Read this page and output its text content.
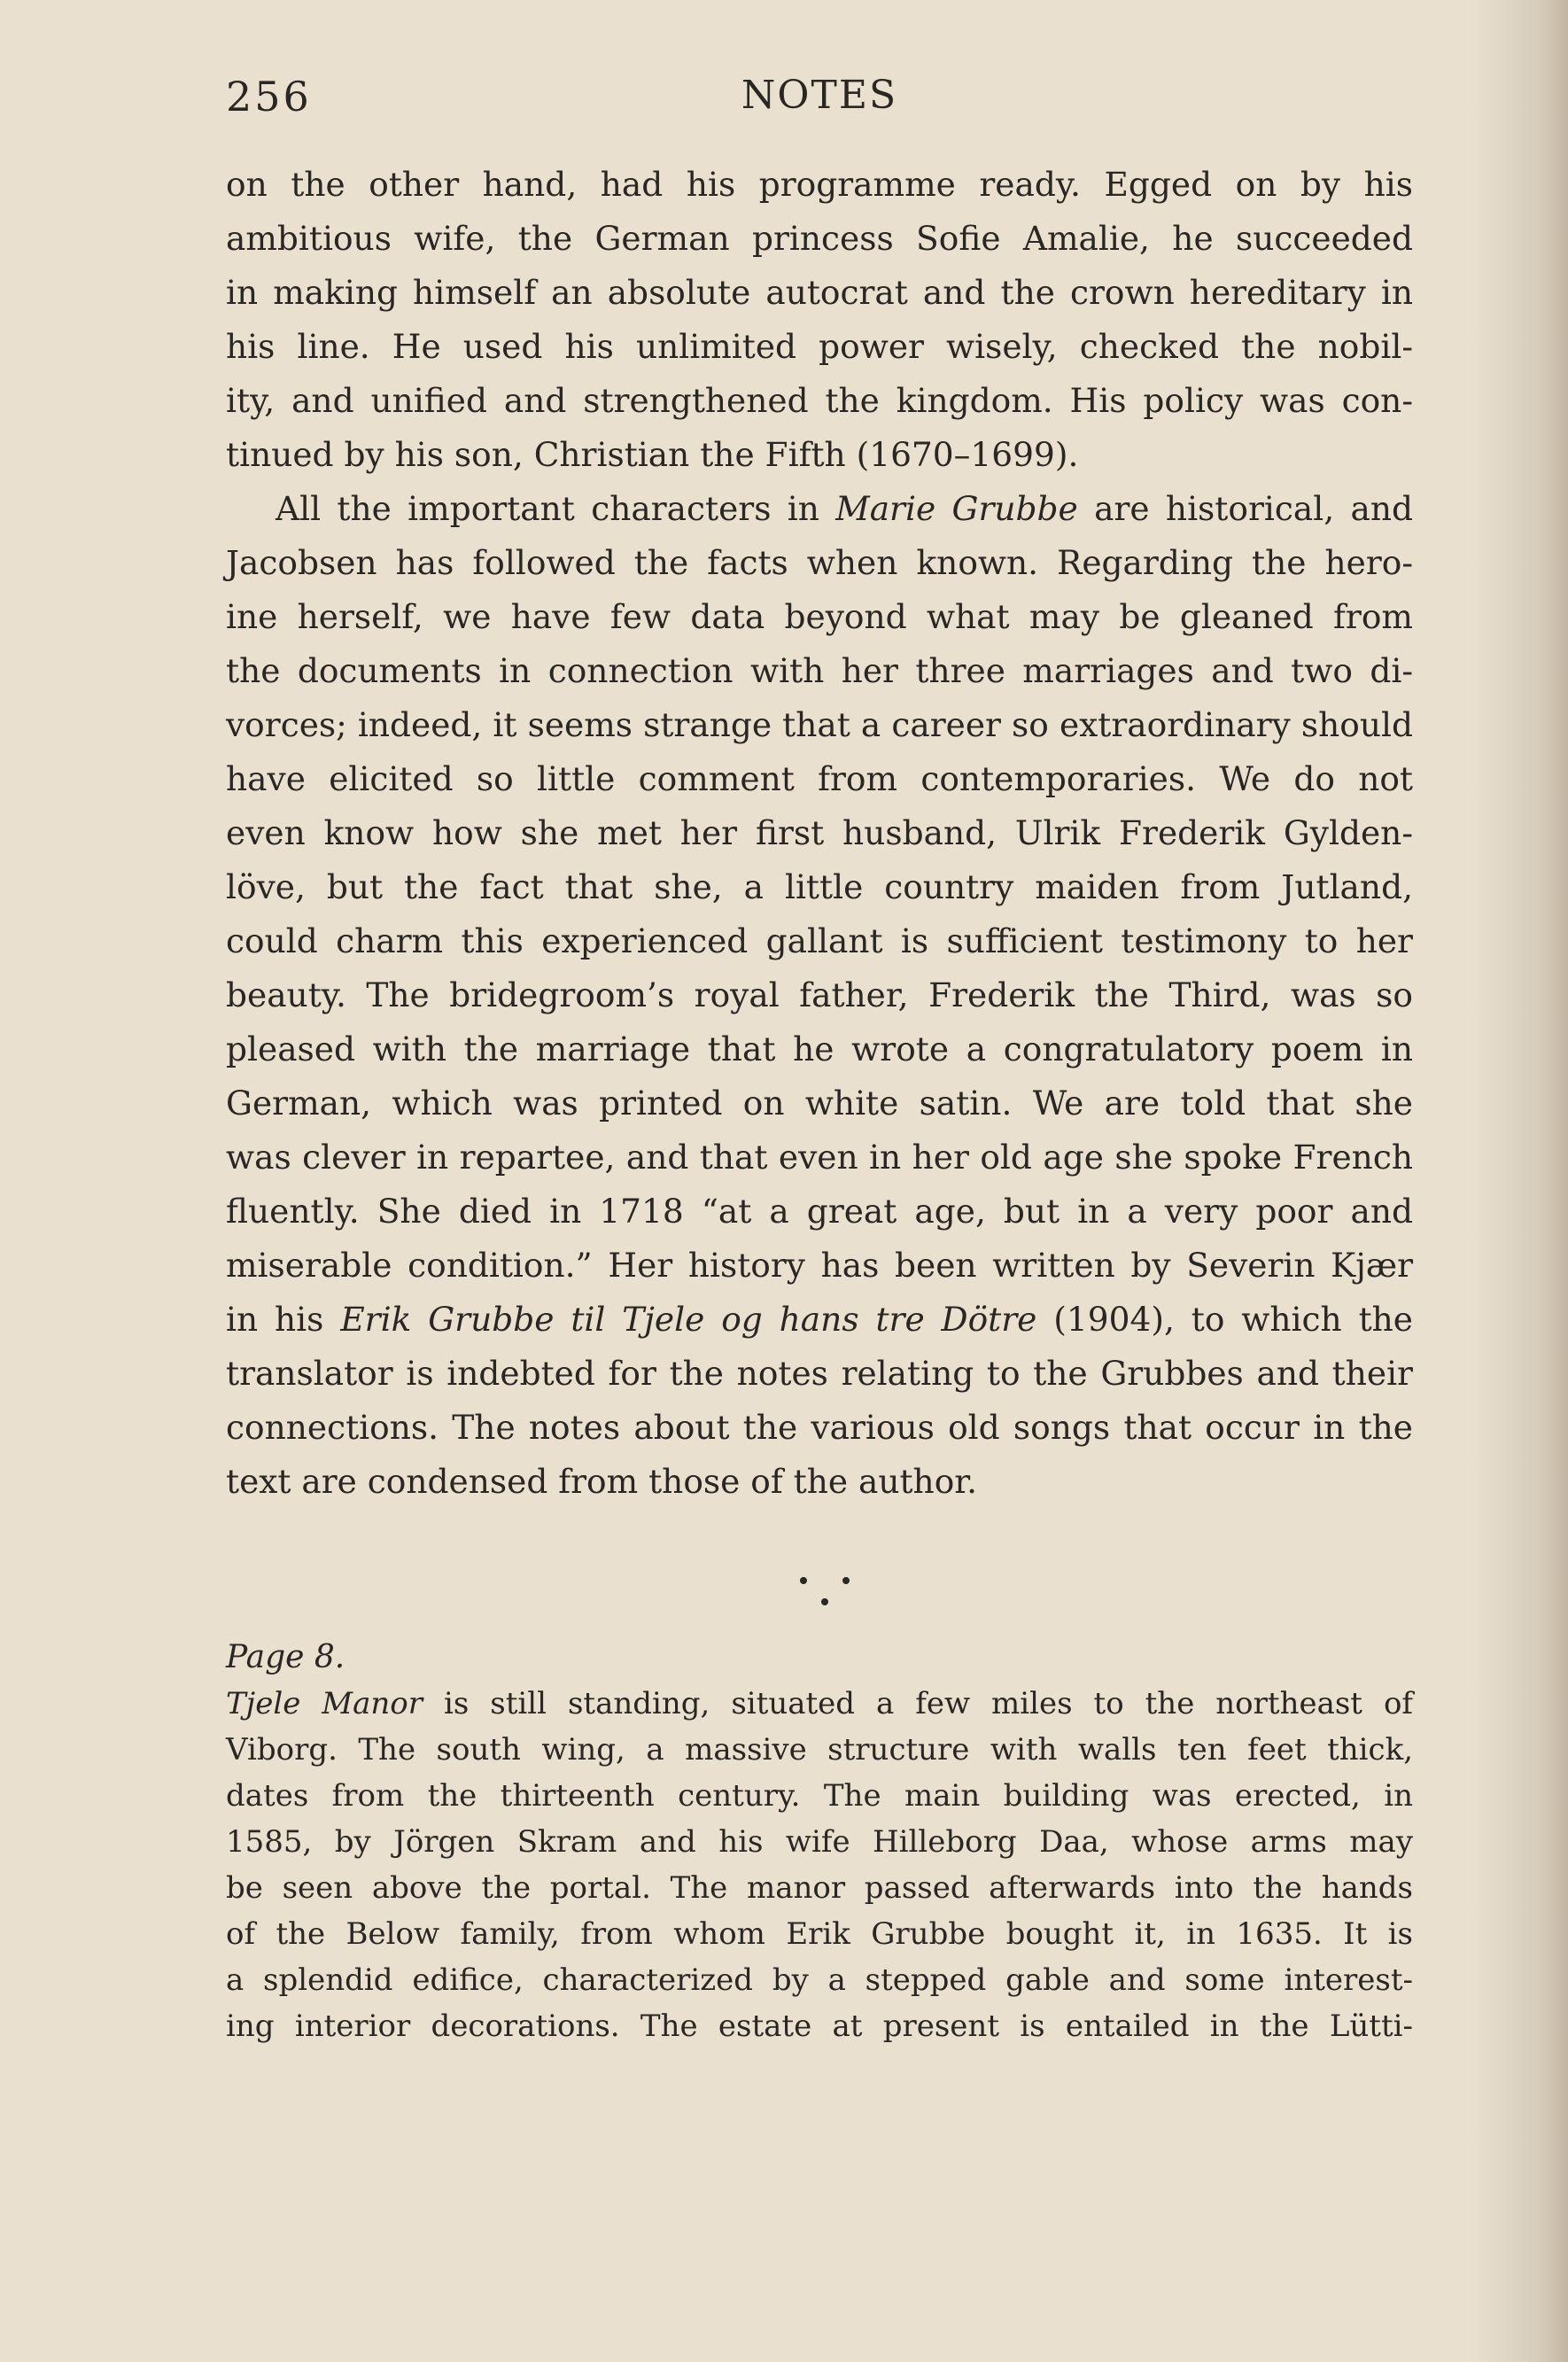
256	NOTES
on the other hand, had his programme ready. Egged on by his
ambitious wife, the German princess Sofie Amalie, he succeeded
in making himself an absolute autocrat and the crown hereditary in
his line. He used his unlimited power wisely, checked the nobil-
ity, and unified and strengthened the kingdom. His policy was con-
tinued by his son, Christian the Fifth (1670–1699).
All the important characters in Marie Grubbe are historical, and
Jacobsen has followed the facts when known. Regarding the hero-
ine herself, we have few data beyond what may be gleaned from
the documents in connection with her three marriages and two di-
vorces; indeed, it seems strange that a career so extraordinary should
have elicited so little comment from contemporaries. We do not
even know how she met her first husband, Ulrik Frederik Gylden-
löve, but the fact that she, a little country maiden from Jutland,
could charm this experienced gallant is sufficient testimony to her
beauty. The bridegroom’s royal father, Frederik the Third, was so
pleased with the marriage that he wrote a congratulatory poem in
German, which was printed on white satin. We are told that she
was clever in repartee, and that even in her old age she spoke French
fluently. She died in 1718 “at a great age, but in a very poor and
miserable condition.” Her history has been written by Severin Kjær
in his Erik Grubbe til Tjele og hans tre Dötre (1904), to which the
translator is indebted for the notes relating to the Grubbes and their
connections. The notes about the various old songs that occur in the
text are condensed from those of the author.
Page 8.
Tjele Manor is still standing, situated a few miles to the northeast of
Viborg. The south wing, a massive structure with walls ten feet thick,
dates from the thirteenth century. The main building was erected, in
1585, by Jörgen Skram and his wife Hilleborg Daa, whose arms may
be seen above the portal. The manor passed afterwards into the hands
of the Below family, from whom Erik Grubbe bought it, in 1635. It is
a splendid edifice, characterized by a stepped gable and some interest-
ing interior decorations. The estate at present is entailed in the Lütti-
